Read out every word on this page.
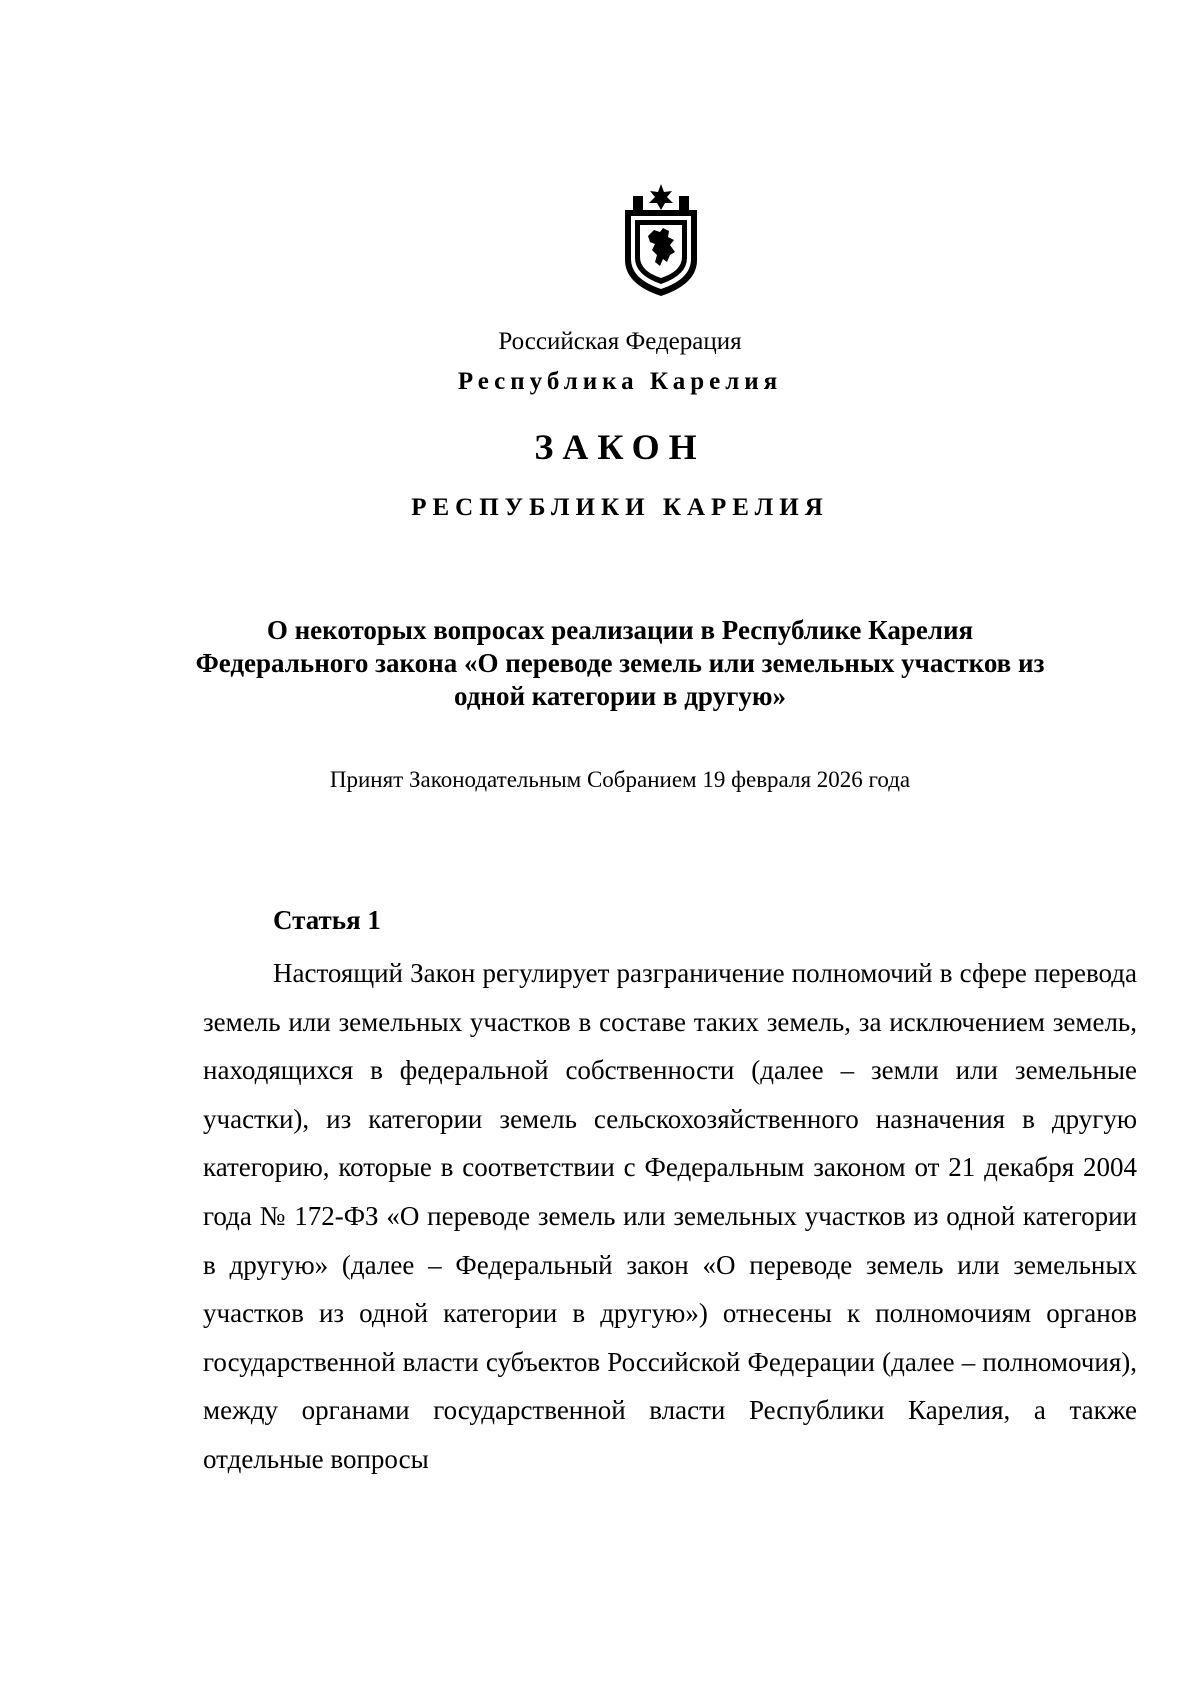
Российская Федерация
Республика Карелия
ЗАКОН
РЕСПУБЛИКИ КАРЕЛИЯ
О некоторых вопросах реализации в Республике Карелия
Федерального закона «О переводе земель или земельных участков из
одной категории в другую»
Принят Законодательным Собранием 19 февраля 2026 года
Статья 1

Настоящий Закон регулирует разграничение полномочий в сфере перевода земель или земельных участков в составе таких земель, за исключением земель, находящихся в федеральной собственности (далее – земли или земельные участки), из категории земель сельскохозяйственного назначения в другую категорию, которые в соответствии с Федеральным законом от 21 декабря 2004 года № 172-ФЗ «О переводе земель или земельных участков из одной категории в другую» (далее – Федеральный закон «О переводе земель или земельных участков из одной категории в другую») отнесены к полномочиям органов государственной власти субъектов Российской Федерации (далее – полномочия), между органами государственной власти Республики Карелия, а также отдельные вопросы
